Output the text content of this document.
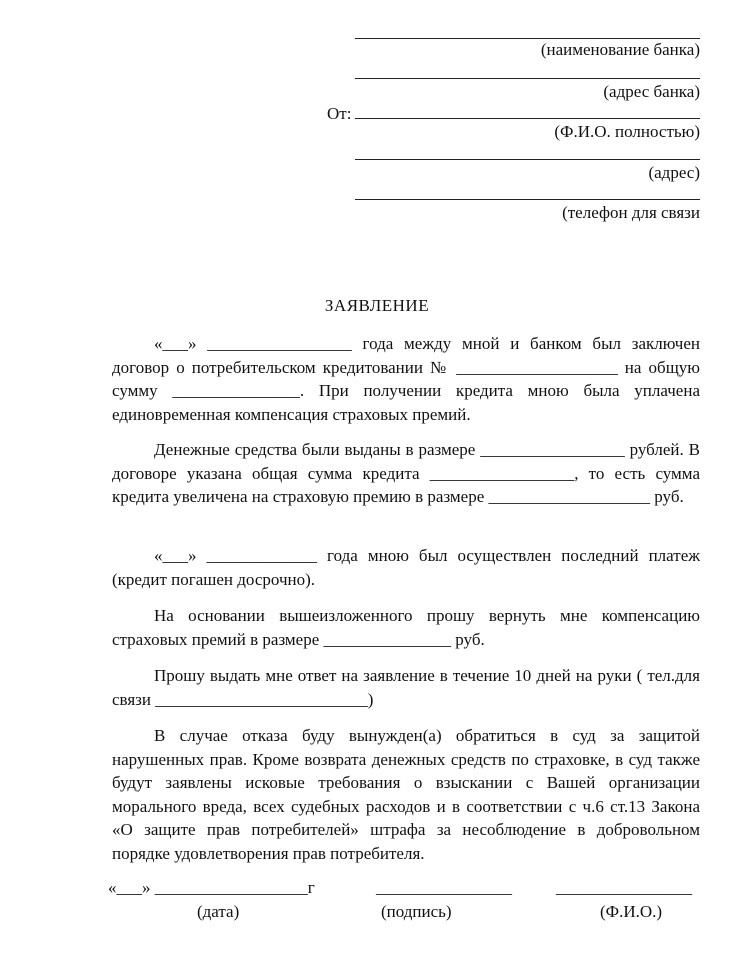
(наименование банка)
(адрес банка)
От:
(Ф.И.О. полностью)
(адрес)
(телефон для связи
ЗАЯВЛЕНИЕ
«___» _________________ года между мной и банком был заключен договор о потребительском кредитовании № ___________________ на общую сумму _______________. При получении кредита мною была уплачена единовременная компенсация страховых премий.
Денежные средства были выданы в размере _________________ рублей. В договоре указана общая сумма кредита _________________, то есть сумма кредита увеличена на страховую премию в размере ___________________ руб.
«___» _____________ года мною был осуществлен последний платеж (кредит погашен досрочно).
На основании вышеизложенного прошу вернуть мне компенсацию страховых премий в размере _______________ руб.
Прошу выдать мне ответ на заявление в течение 10 дней на руки ( тел.для связи _________________________)
В случае отказа буду вынужден(а) обратиться в суд за защитой нарушенных прав. Кроме возврата денежных средств по страховке, в суд также будут заявлены исковые требования о взыскании с Вашей организации морального вреда, всех судебных расходов и в соответствии с ч.6 ст.13 Закона «О защите прав потребителей» штрафа за несоблюдение в добровольном порядке удовлетворения прав потребителя.
«___» __________________г	________________	________________
(дата)	(подпись)	(Ф.И.О.)
